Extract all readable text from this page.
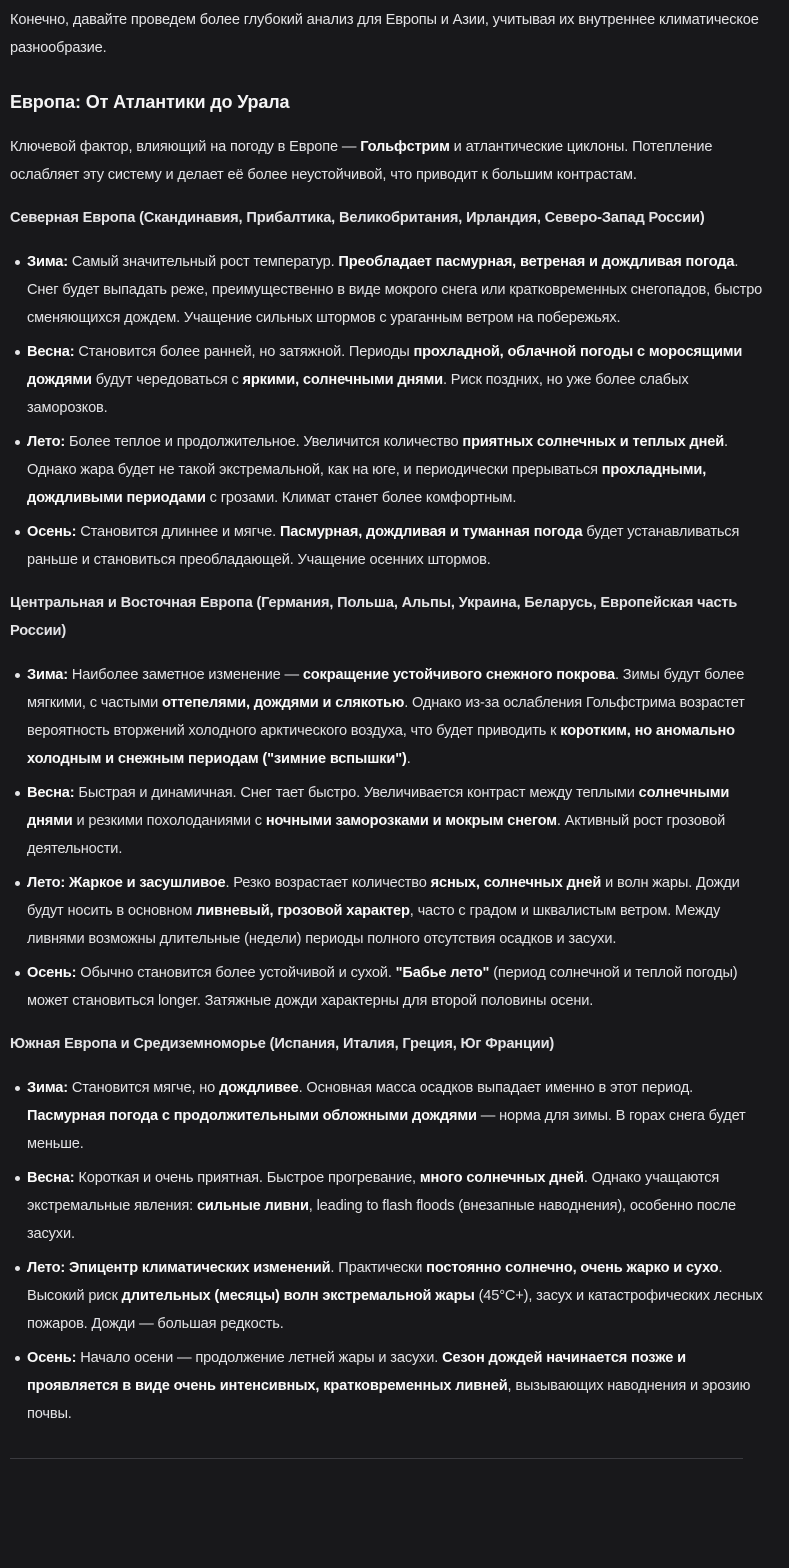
Конечно, давайте проведем более глубокий анализ для Европы и Азии, учитывая их внутреннее климатическое разнообразие.

Европа: От Атлантики до Урала

Ключевой фактор, влияющий на погоду в Европе — Гольфстрим и атлантические циклоны. Потепление ослабляет эту систему и делает её более неустойчивой, что приводит к большим контрастам.

Северная Европа (Скандинавия, Прибалтика, Великобритания, Ирландия, Северо-Запад России)

Зима: Самый значительный рост температур. Преобладает пасмурная, ветреная и дождливая погода. Снег будет выпадать реже, преимущественно в виде мокрого снега или кратковременных снегопадов, быстро сменяющихся дождем. Учащение сильных штормов с ураганным ветром на побережьях.
Весна: Становится более ранней, но затяжной. Периоды прохладной, облачной погоды с моросящими дождями будут чередоваться с яркими, солнечными днями. Риск поздних, но уже более слабых заморозков.
Лето: Более теплое и продолжительное. Увеличится количество приятных солнечных и теплых дней. Однако жара будет не такой экстремальной, как на юге, и периодически прерываться прохладными, дождливыми периодами с грозами. Климат станет более комфортным.
Осень: Становится длиннее и мягче. Пасмурная, дождливая и туманная погода будет устанавливаться раньше и становиться преобладающей. Учащение осенних штормов.

Центральная и Восточная Европа (Германия, Польша, Альпы, Украина, Беларусь, Европейская часть России)

Зима: Наиболее заметное изменение — сокращение устойчивого снежного покрова. Зимы будут более мягкими, с частыми оттепелями, дождями и слякотью. Однако из-за ослабления Гольфстрима возрастет вероятность вторжений холодного арктического воздуха, что будет приводить к коротким, но аномально холодным и снежным периодам ("зимние вспышки").
Весна: Быстрая и динамичная. Снег тает быстро. Увеличивается контраст между теплыми солнечными днями и резкими похолоданиями с ночными заморозками и мокрым снегом. Активный рост грозовой деятельности.
Лето: Жаркое и засушливое. Резко возрастает количество ясных, солнечных дней и волн жары. Дожди будут носить в основном ливневый, грозовой характер, часто с градом и шквалистым ветром. Между ливнями возможны длительные (недели) периоды полного отсутствия осадков и засухи.
Осень: Обычно становится более устойчивой и сухой. "Бабье лето" (период солнечной и теплой погоды) может становиться longer. Затяжные дожди характерны для второй половины осени.

Южная Европа и Средиземноморье (Испания, Италия, Греция, Юг Франции)

Зима: Становится мягче, но дождливее. Основная масса осадков выпадает именно в этот период. Пасмурная погода с продолжительными обложными дождями — норма для зимы. В горах снега будет меньше.
Весна: Короткая и очень приятная. Быстрое прогревание, много солнечных дней. Однако учащаются экстремальные явления: сильные ливни, leading to flash floods (внезапные наводнения), особенно после засухи.
Лето: Эпицентр климатических изменений. Практически постоянно солнечно, очень жарко и сухо. Высокий риск длительных (месяцы) волн экстремальной жары (45°C+), засух и катастрофических лесных пожаров. Дожди — большая редкость.
Осень: Начало осени — продолжение летней жары и засухи. Сезон дождей начинается позже и проявляется в виде очень интенсивных, кратковременных ливней, вызывающих наводнения и эрозию почвы.
